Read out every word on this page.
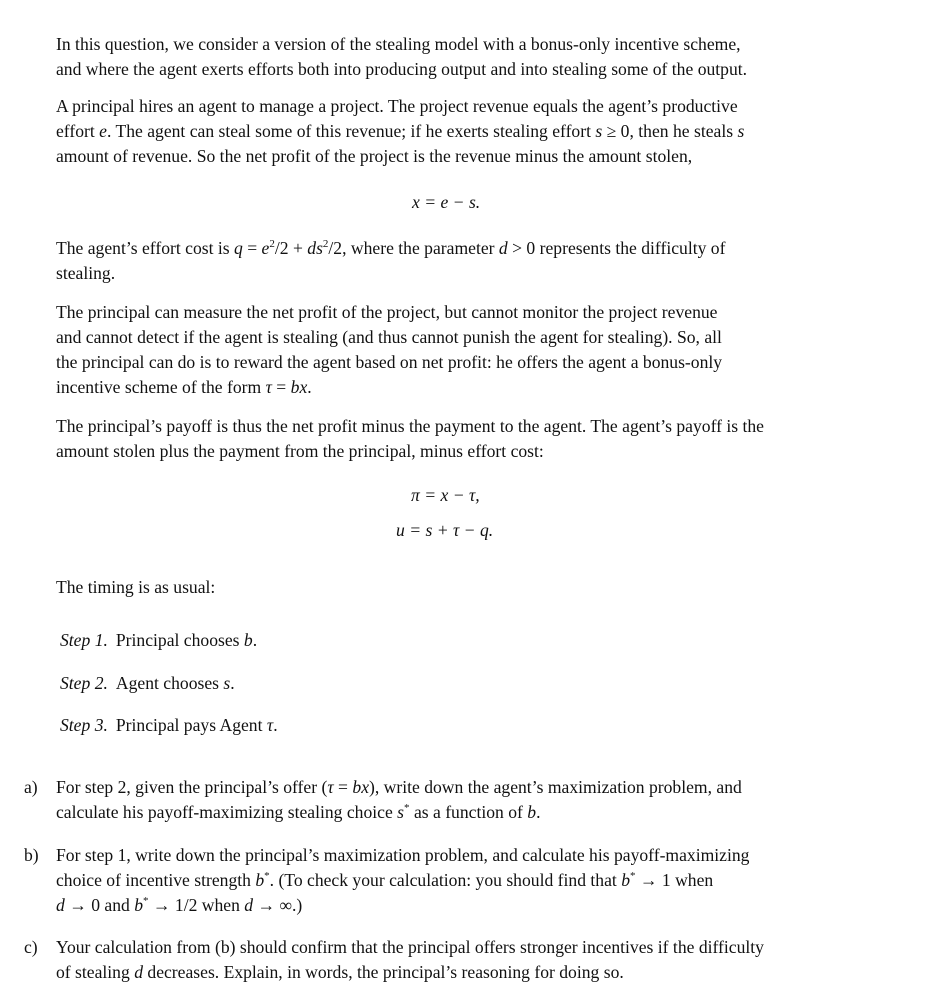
In this question, we consider a version of the stealing model with a bonus-only incentive scheme,
and where the agent exerts efforts both into producing output and into stealing some of the output.
A principal hires an agent to manage a project. The project revenue equals the agent’s productive
effort e. The agent can steal some of this revenue; if he exerts stealing effort s ≥ 0, then he steals s
amount of revenue. So the net profit of the project is the revenue minus the amount stolen,
x = e − s.
The agent’s effort cost is $q = e^2/2 + ds^2/2$, where the parameter d > 0 represents the difficulty of
stealing.
The principal can measure the net profit of the project, but cannot monitor the project revenue
and cannot detect if the agent is stealing (and thus cannot punish the agent for stealing). So, all
the principal can do is to reward the agent based on net profit: he offers the agent a bonus-only
incentive scheme of the form τ = bx.
The principal’s payoff is thus the net profit minus the payment to the agent. The agent’s payoff is the
amount stolen plus the payment from the principal, minus effort cost:
π = x − τ,
u = s + τ − q.
The timing is as usual:
Step 1. Principal chooses b.
Step 2. Agent chooses s.
Step 3. Principal pays Agent τ.
a) For step 2, given the principal’s offer (τ = bx), write down the agent’s maximization problem, and
calculate his payoff-maximizing stealing choice s* as a function of b.
b) For step 1, write down the principal’s maximization problem, and calculate his payoff-maximizing
choice of incentive strength b*. (To check your calculation: you should find that b* → 1 when
d → 0 and b* → 1/2 when d → ∞.)
c) Your calculation from (b) should confirm that the principal offers stronger incentives if the difficulty
of stealing d decreases. Explain, in words, the principal’s reasoning for doing so.
